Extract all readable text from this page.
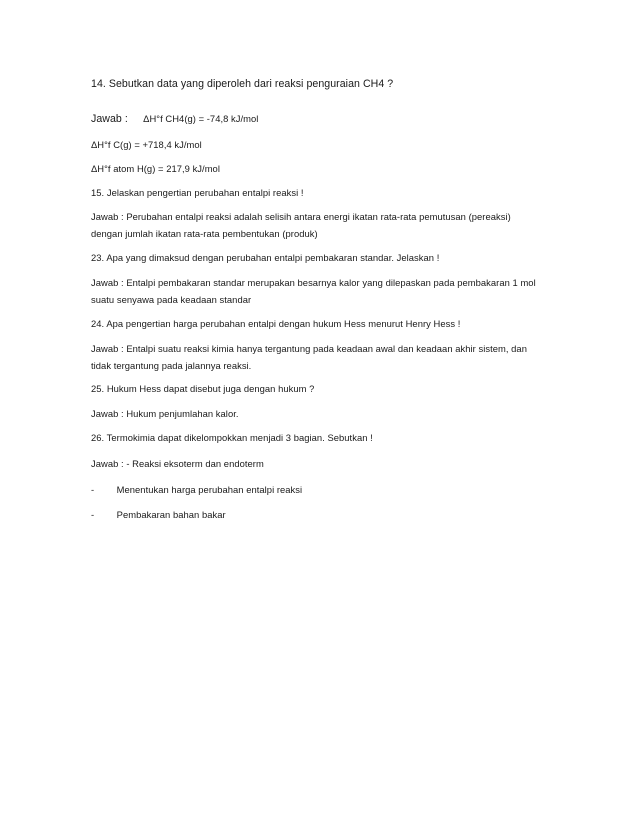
14. Sebutkan data yang diperoleh dari reaksi penguraian CH4 ?
Jawab : ΔH°f CH4(g) = -74,8 kJ/mol
ΔH°f C(g) = +718,4 kJ/mol
ΔH°f atom H(g) = 217,9 kJ/mol
15. Jelaskan pengertian perubahan entalpi reaksi !
Jawab : Perubahan entalpi reaksi adalah selisih antara energi ikatan rata-rata pemutusan (pereaksi)
dengan jumlah ikatan rata-rata pembentukan (produk)
23. Apa yang dimaksud dengan perubahan entalpi pembakaran standar. Jelaskan !
Jawab : Entalpi pembakaran standar merupakan besarnya kalor yang dilepaskan pada pembakaran 1 mol
suatu senyawa pada keadaan standar
24. Apa pengertian harga perubahan entalpi dengan hukum Hess menurut Henry Hess !
Jawab : Entalpi suatu reaksi kimia hanya tergantung pada keadaan awal dan keadaan akhir sistem, dan
tidak tergantung pada jalannya reaksi.
25. Hukum Hess dapat disebut juga dengan hukum ?
Jawab : Hukum penjumlahan kalor.
26. Termokimia dapat dikelompokkan menjadi 3 bagian. Sebutkan !
Jawab : - Reaksi eksoterm dan endoterm
- Menentukan harga perubahan entalpi reaksi
- Pembakaran bahan bakar
